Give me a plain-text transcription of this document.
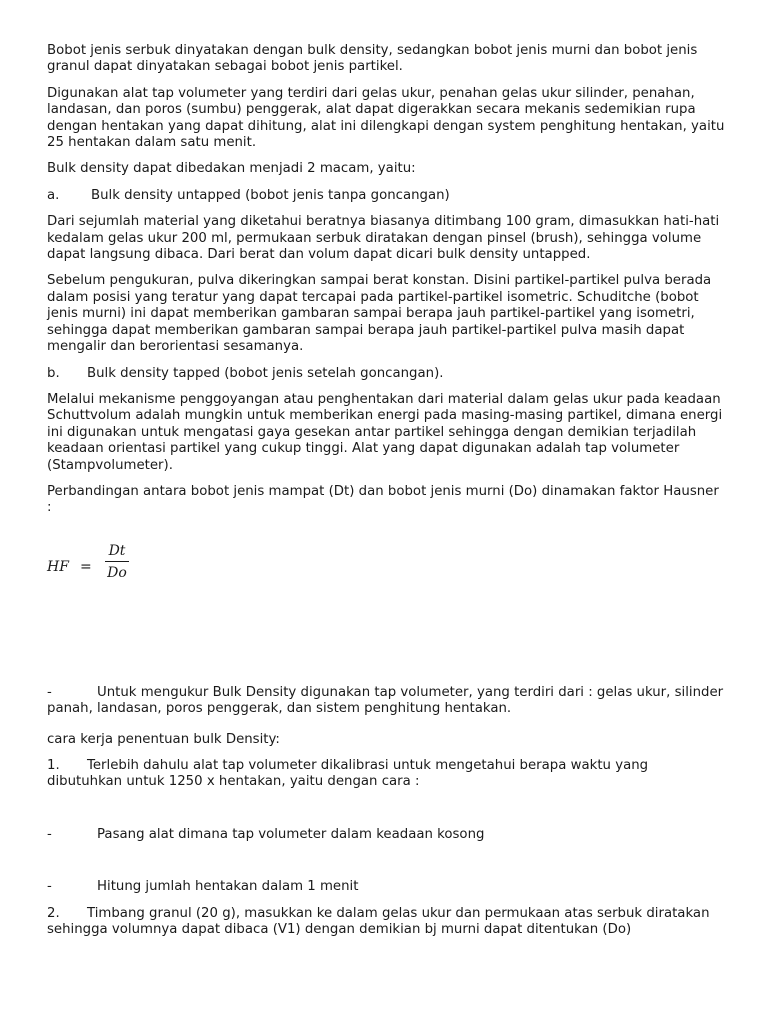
Bobot jenis serbuk dinyatakan dengan bulk density, sedangkan bobot jenis murni dan bobot jenis granul dapat dinyatakan sebagai bobot jenis partikel.

Digunakan alat tap volumeter yang terdiri dari gelas ukur, penahan gelas ukur silinder, penahan, landasan, dan poros (sumbu) penggerak, alat dapat digerakkan secara mekanis sedemikian rupa dengan hentakan yang dapat dihitung, alat ini dilengkapi dengan system penghitung hentakan, yaitu 25 hentakan dalam satu menit.

Bulk density dapat dibedakan menjadi 2 macam, yaitu:

a. Bulk density untapped (bobot jenis tanpa goncangan)

Dari sejumlah material yang diketahui beratnya biasanya ditimbang 100 gram, dimasukkan hati-hati kedalam gelas ukur 200 ml, permukaan serbuk diratakan dengan pinsel (brush), sehingga volume dapat langsung dibaca. Dari berat dan volum dapat dicari bulk density untapped.

Sebelum pengukuran, pulva dikeringkan sampai berat konstan. Disini partikel-partikel pulva berada dalam posisi yang teratur yang dapat tercapai pada partikel-partikel isometric. Schuditche (bobot jenis murni) ini dapat memberikan gambaran sampai berapa jauh partikel-partikel yang isometri, sehingga dapat memberikan gambaran sampai berapa jauh partikel-partikel pulva masih dapat mengalir dan berorientasi sesamanya.

b. Bulk density tapped (bobot jenis setelah goncangan).

Melalui mekanisme penggoyangan atau penghentakan dari material dalam gelas ukur pada keadaan Schuttvolum adalah mungkin untuk memberikan energi pada masing-masing partikel, dimana energi ini digunakan untuk mengatasi gaya gesekan antar partikel sehingga dengan demikian terjadilah keadaan orientasi partikel yang cukup tinggi. Alat yang dapat digunakan adalah tap volumeter (Stampvolumeter).

Perbandingan antara bobot jenis mampat (Dt) dan bobot jenis murni (Do) dinamakan faktor Hausner :

HF =
Dt
Do

-	Untuk mengukur Bulk Density digunakan tap volumeter, yang terdiri dari : gelas ukur, silinder panah, landasan, poros penggerak, dan sistem penghitung hentakan.

cara kerja penentuan bulk Density:

1. Terlebih dahulu alat tap volumeter dikalibrasi untuk mengetahui berapa waktu yang dibutuhkan untuk 1250 x hentakan, yaitu dengan cara :

-	Pasang alat dimana tap volumeter dalam keadaan kosong

-	Hitung jumlah hentakan dalam 1 menit

2. Timbang granul (20 g), masukkan ke dalam gelas ukur dan permukaan atas serbuk diratakan sehingga volumnya dapat dibaca (V1) dengan demikian bj murni dapat ditentukan (Do)
